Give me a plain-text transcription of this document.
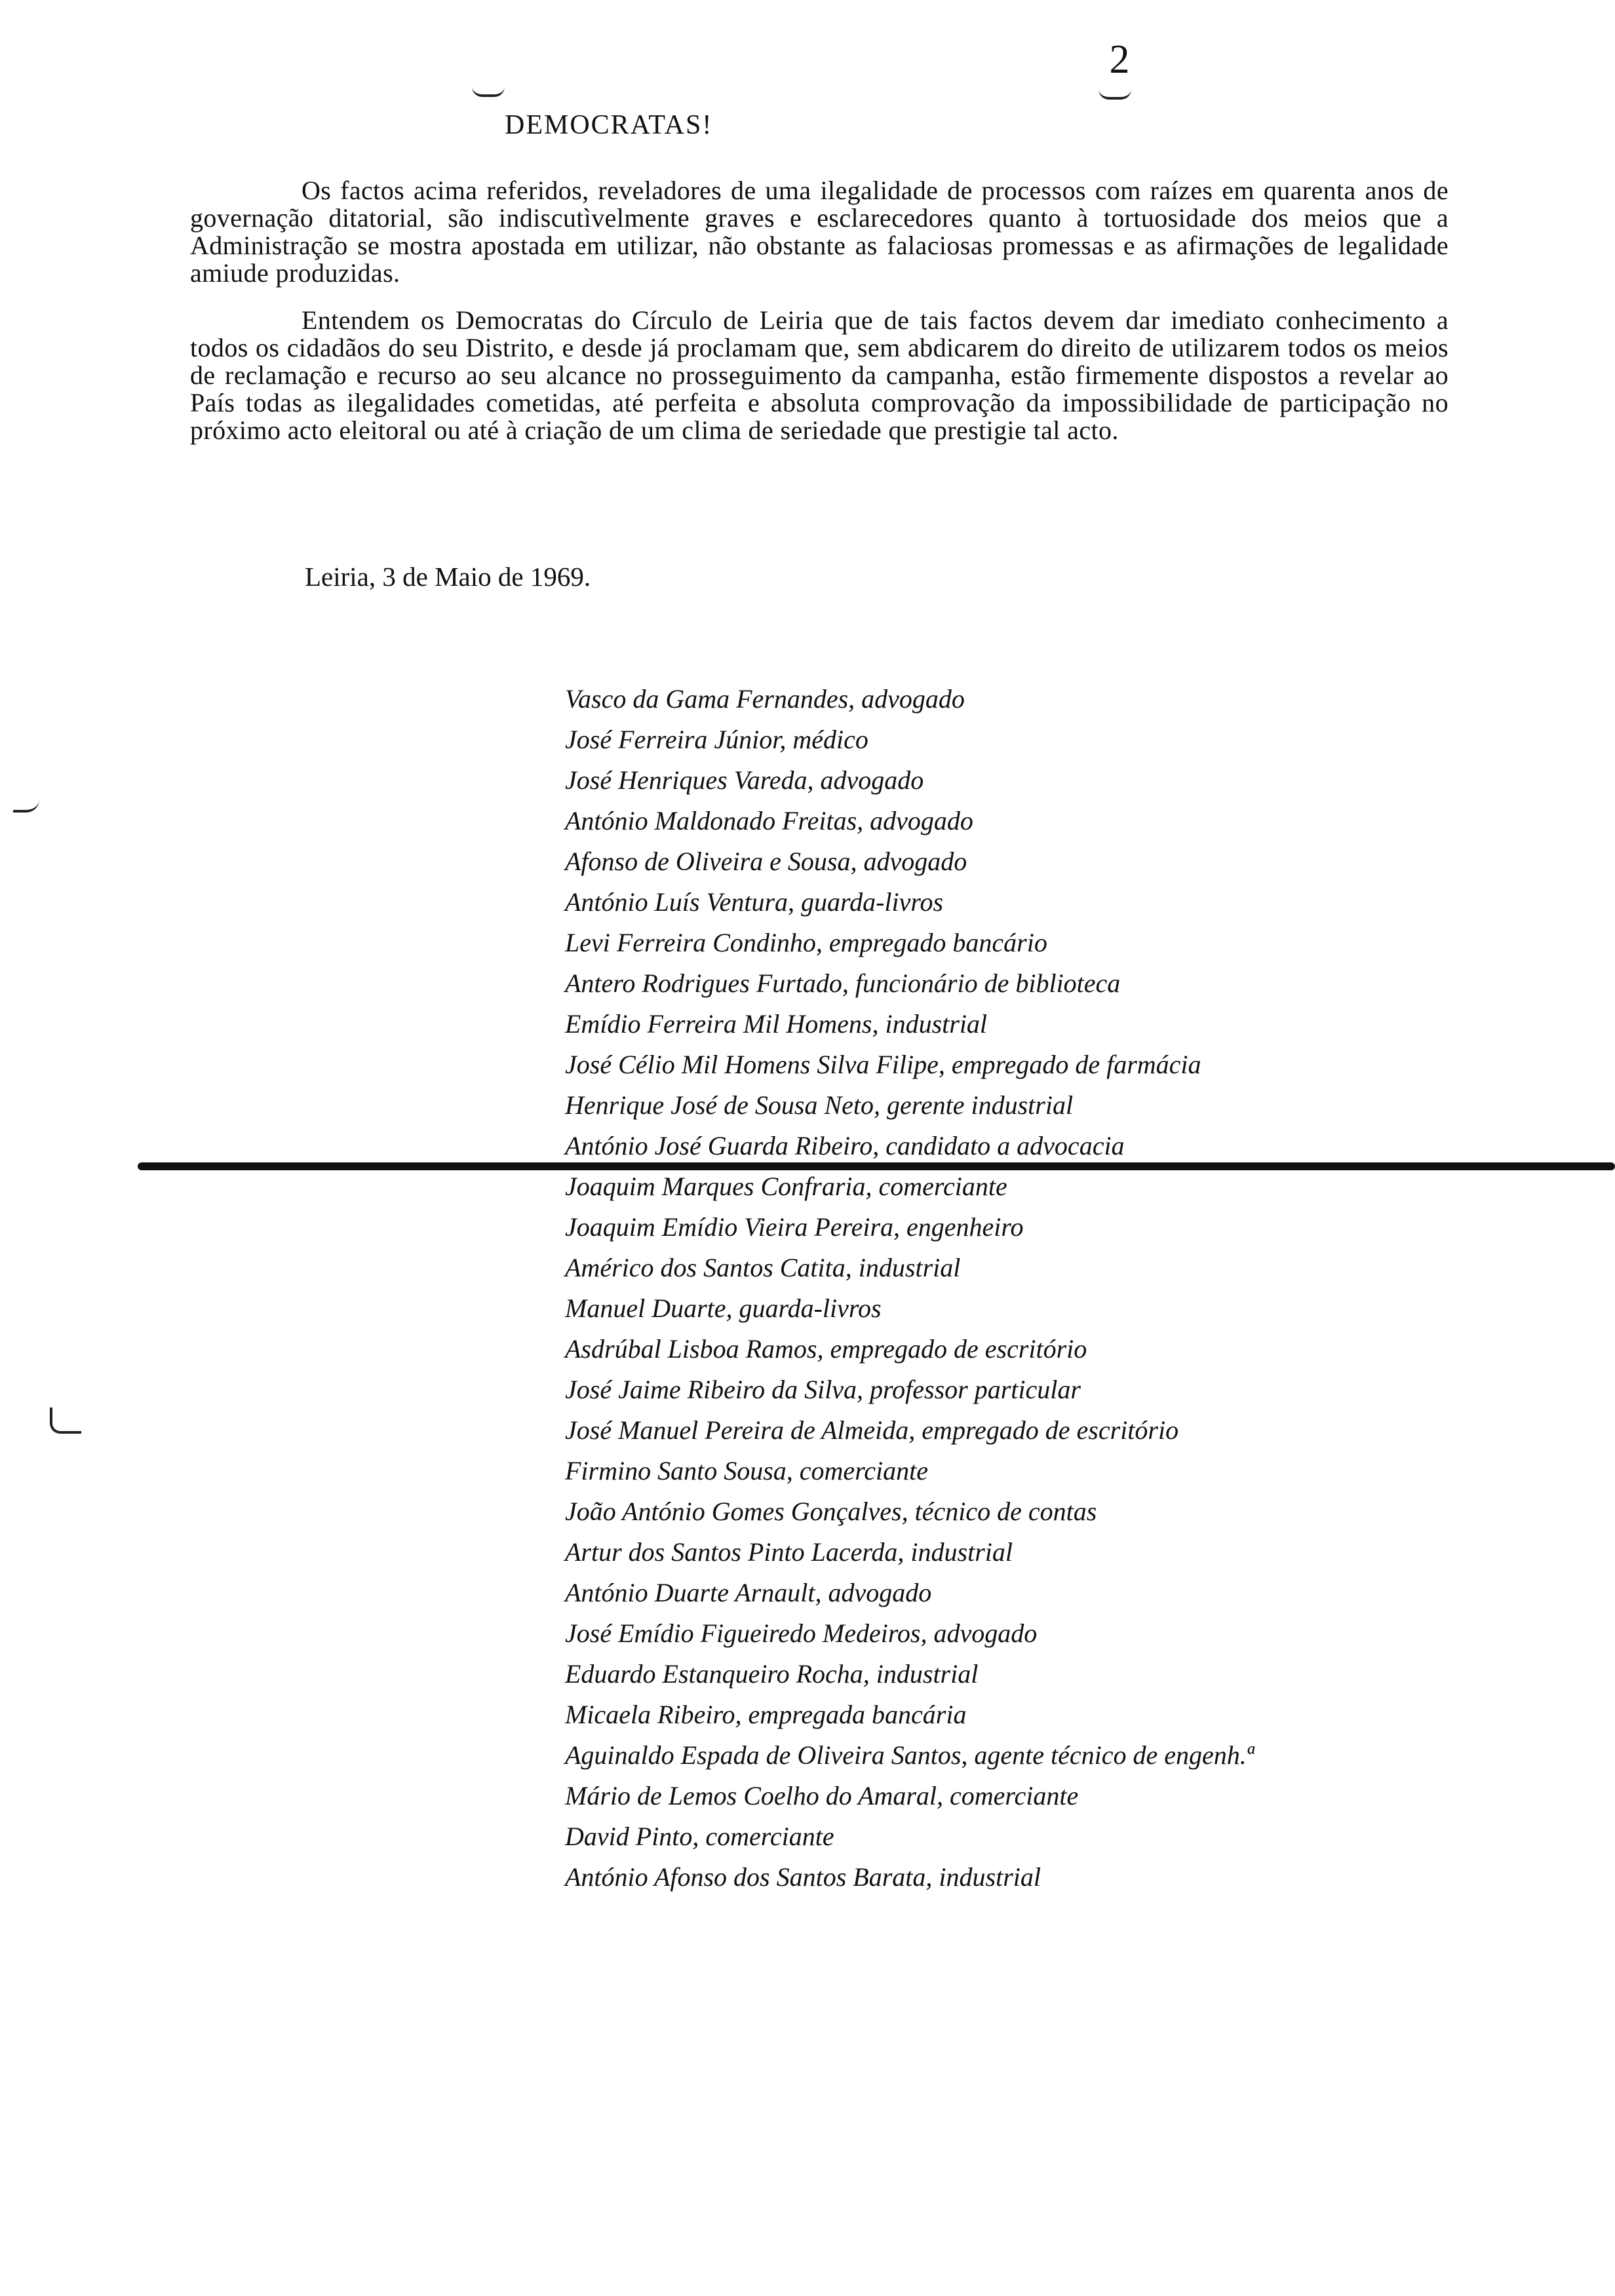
2
DEMOCRATAS!

Os factos acima referidos, reveladores de uma ilegalidade de processos com raízes em quarenta anos de governação ditatorial, são indiscutìvelmente graves e esclarecedores quanto à tortuosidade dos meios que a Administração se mostra apostada em utilizar, não obstante as falaciosas promessas e as afirmações de legalidade amiude produzidas.

Entendem os Democratas do Círculo de Leiria que de tais factos devem dar imediato conhecimento a todos os cidadãos do seu Distrito, e desde já proclamam que, sem abdicarem do direito de utilizarem todos os meios de reclamação e recurso ao seu alcance no prosseguimento da campanha, estão firmemente dispostos a revelar ao País todas as ilegalidades cometidas, até perfeita e absoluta comprovação da impossibilidade de participação no próximo acto eleitoral ou até à criação de um clima de seriedade que prestigie tal acto.

Leiria, 3 de Maio de 1969.
Vasco da Gama Fernandes, advogado
José Ferreira Júnior, médico
José Henriques Vareda, advogado
António Maldonado Freitas, advogado
Afonso de Oliveira e Sousa, advogado
António Luís Ventura, guarda-livros
Levi Ferreira Condinho, empregado bancário
Antero Rodrigues Furtado, funcionário de biblioteca
Emídio Ferreira Mil Homens, industrial
José Célio Mil Homens Silva Filipe, empregado de farmácia
Henrique José de Sousa Neto, gerente industrial
António José Guarda Ribeiro, candidato a advocacia
Joaquim Marques Confraria, comerciante
Joaquim Emídio Vieira Pereira, engenheiro
Américo dos Santos Catita, industrial
Manuel Duarte, guarda-livros
Asdrúbal Lisboa Ramos, empregado de escritório
José Jaime Ribeiro da Silva, professor particular
José Manuel Pereira de Almeida, empregado de escritório
Firmino Santo Sousa, comerciante
João António Gomes Gonçalves, técnico de contas
Artur dos Santos Pinto Lacerda, industrial
António Duarte Arnault, advogado
José Emídio Figueiredo Medeiros, advogado
Eduardo Estanqueiro Rocha, industrial
Micaela Ribeiro, empregada bancária
Aguinaldo Espada de Oliveira Santos, agente técnico de engenh.ª
Mário de Lemos Coelho do Amaral, comerciante
David Pinto, comerciante
António Afonso dos Santos Barata, industrial
